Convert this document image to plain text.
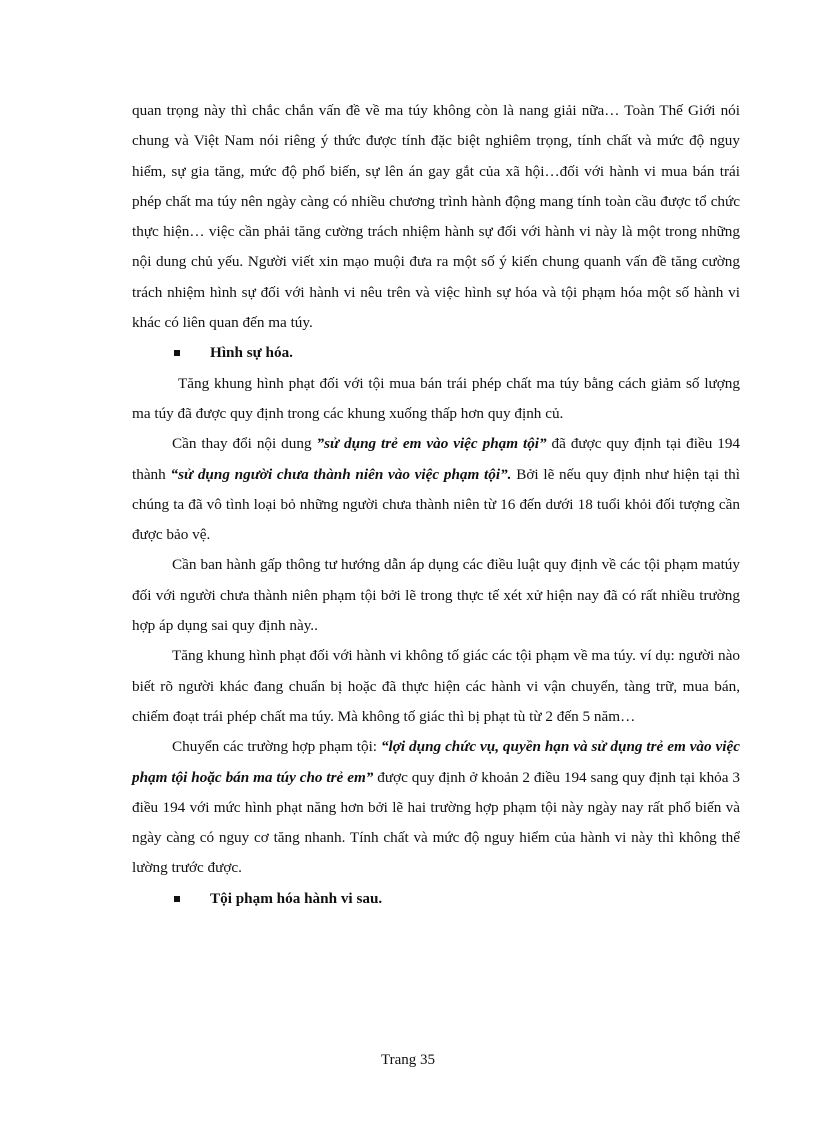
quan trọng này thì chắc chắn vấn đề về ma túy không còn là nang giải nữa… Toàn Thế Giới nói chung và Việt Nam nói riêng ý thức được tính đặc biệt nghiêm trọng, tính chất và mức độ nguy hiểm, sự gia tăng, mức độ phổ biến, sự lên án gay gắt của xã hội…đối với hành vi mua bán trái phép chất ma túy nên ngày càng có nhiều chương trình hành động mang tính toàn cầu được tổ chức thực hiện… việc cần phải tăng cường trách nhiệm hành sự đối với hành vi này là một trong những nội dung chủ yếu. Người viết xin mạo muội đưa ra một số ý kiến chung quanh vấn đề tăng cường trách nhiệm hình sự đối với hành vi nêu trên và việc hình sự hóa và tội phạm hóa một số hành vi khác có liên quan đến ma túy.

Hình sự hóa.

Tăng khung hình phạt đối với tội mua bán trái phép chất ma túy bằng cách giảm số lượng ma túy đã được quy định trong các khung xuống thấp hơn quy định củ.

Cần thay đổi nội dung ”sử dụng trẻ em vào việc phạm tội” đã được quy định tại điều 194 thành “sử dụng người chưa thành niên vào việc phạm tội”. Bởi lẽ nếu quy định như hiện tại thì chúng ta đã vô tình loại bỏ những người chưa thành niên từ 16 đến dưới 18 tuổi khỏi đối tượng cần được bảo vệ.

Cần ban hành gấp thông tư hướng dẫn áp dụng các điều luật quy định về các tội phạm matúy đối với người chưa thành niên phạm tội bởi lẽ trong thực tế xét xử hiện nay đã có rất nhiều trường hợp áp dụng sai quy định này..

Tăng khung hình phạt đối với hành vi không tố giác các tội phạm về ma túy. ví dụ: người nào biết rõ người khác đang chuẩn bị hoặc đã thực hiện các hành vi vận chuyển, tàng trữ, mua bán, chiếm đoạt trái phép chất ma túy. Mà không tố giác thì bị phạt tù từ 2 đến 5 năm…

Chuyển các trường hợp phạm tội: “lợi dụng chức vụ, quyền hạn và sử dụng trẻ em vào việc phạm tội hoặc bán ma túy cho trẻ em” được quy định ở khoản 2 điều 194 sang quy định tại khỏa 3 điều 194 với mức hình phạt năng hơn bởi lẽ hai trường hợp phạm tội này ngày nay rất phổ biến và ngày càng có nguy cơ tăng nhanh. Tính chất và mức độ nguy hiểm của hành vi này thì không thể lường trước được.

Tội phạm hóa hành vi sau.

Trang 35
